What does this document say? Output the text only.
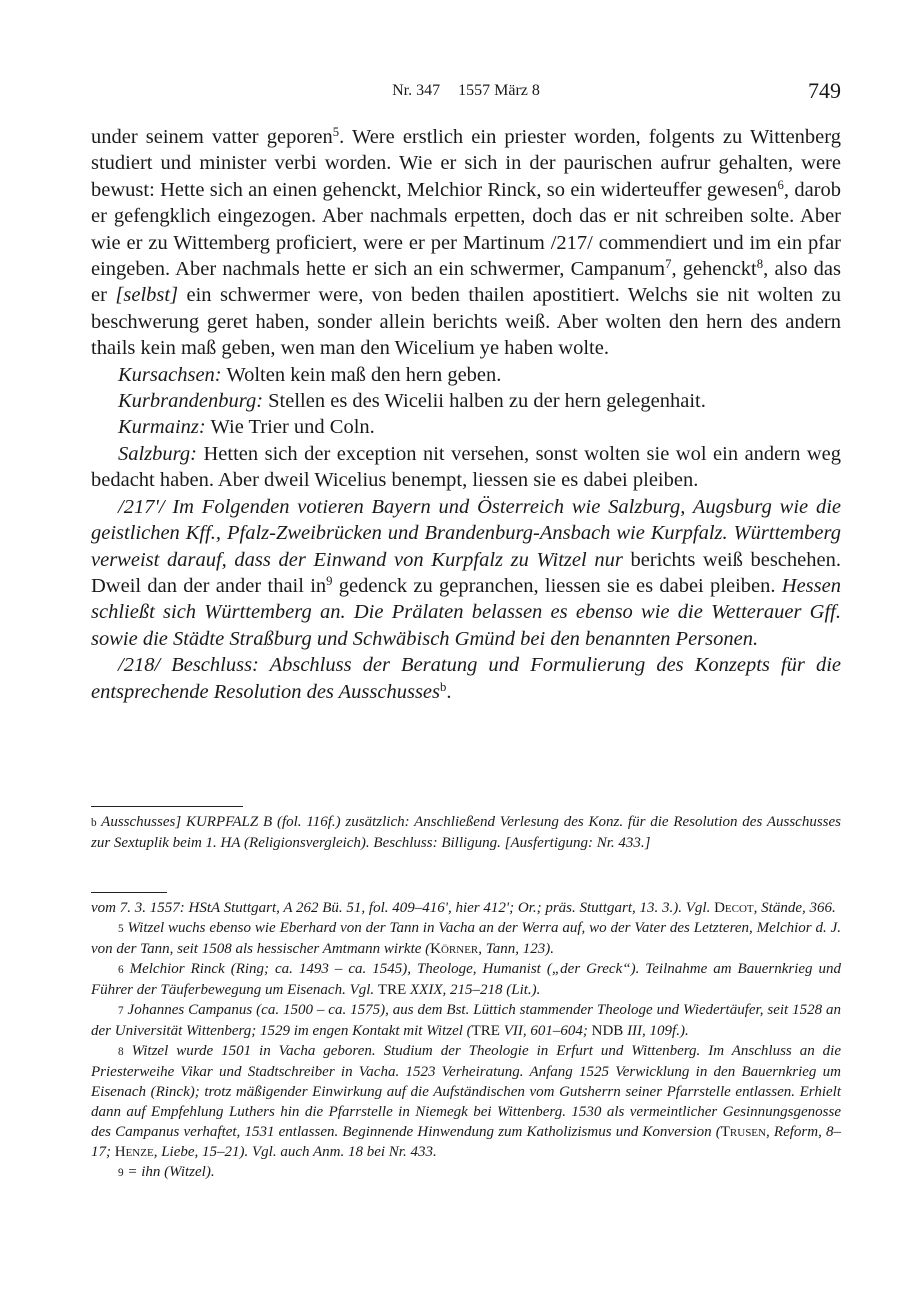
Nr. 347 1557 März 8	749

under seinem vatter geporen$^5$. Were erstlich ein priester worden, folgents zu Wittenberg studiert und minister verbi worden. Wie er sich in der paurischen aufrur gehalten, were bewust: Hette sich an einen gehenckt, Melchior Rinck, so ein widerteuffer gewesen$^6$, darob er gefengklich eingezogen. Aber nachmals erpetten, doch das er nit schreiben solte. Aber wie er zu Wittemberg proficiert, were er per Martinum /217/ commendiert und im ein pfar eingeben. Aber nachmals hette er sich an ein schwermer, Campanum$^7$, gehenckt$^8$, also das er [selbst] ein schwermer were, von beden thailen apostitiert. Welchs sie nit wolten zu beschwerung geret haben, sonder allein berichts weiß. Aber wolten den hern des andern thails kein maß geben, wen man den Wicelium ye haben wolte.

Kursachsen: Wolten kein maß den hern geben.

Kurbrandenburg: Stellen es des Wicelii halben zu der hern gelegenhait.

Kurmainz: Wie Trier und Coln.

Salzburg: Hetten sich der exception nit versehen, sonst wolten sie wol ein andern weg bedacht haben. Aber dweil Wicelius benempt, liessen sie es dabei pleiben.

/217'/ Im Folgenden votieren Bayern und Österreich wie Salzburg, Augsburg wie die geistlichen Kff., Pfalz-Zweibrücken und Brandenburg-Ansbach wie Kurpfalz. Württemberg verweist darauf, dass der Einwand von Kurpfalz zu Witzel nur berichts weiß beschehen. Dweil dan der ander thail $in^9$ gedenck zu gepranchen, liessen sie es dabei pleiben. Hessen schließt sich Württemberg an. Die Prälaten belassen es ebenso wie die Wetterauer Gff. sowie die Städte Straßburg und Schwäbisch Gmünd bei den benannten Personen.

/218/ Beschluss: Abschluss der Beratung und Formulierung des Konzepts für die entsprechende Resolution des Ausschusses$^b$.

b Ausschusses] KURPFALZ B (fol. 116f.) zusätzlich: Anschließend Verlesung des Konz. für die Resolution des Ausschusses zur Sextuplik beim 1. HA (Religionsvergleich). Beschluss: Billigung. [Ausfertigung: Nr. 433.]

vom 7. 3. 1557: HStA Stuttgart, A 262 Bü. 51, fol. 409–416', hier 412'; Or.; präs. Stuttgart, 13. 3.). Vgl. Decot, Stände, 366.

5 Witzel wuchs ebenso wie Eberhard von der Tann in Vacha an der Werra auf, wo der Vater des Letzteren, Melchior d. J. von der Tann, seit 1508 als hessischer Amtmann wirkte (Körner, Tann, 123).

6 Melchior Rinck (Ring; ca. 1493 – ca. 1545), Theologe, Humanist („der Greck“). Teilnahme am Bauernkrieg und Führer der Täuferbewegung um Eisenach. Vgl. TRE XXIX, 215–218 (Lit.).

7 Johannes Campanus (ca. 1500 – ca. 1575), aus dem Bst. Lüttich stammender Theologe und Wiedertäufer, seit 1528 an der Universität Wittenberg; 1529 im engen Kontakt mit Witzel (TRE VII, 601–604; NDB III, 109f.).

8 Witzel wurde 1501 in Vacha geboren. Studium der Theologie in Erfurt und Wittenberg. Im Anschluss an die Priesterweihe Vikar und Stadtschreiber in Vacha. 1523 Verheiratung. Anfang 1525 Verwicklung in den Bauernkrieg um Eisenach (Rinck); trotz mäßigender Einwirkung auf die Aufständischen vom Gutsherrn seiner Pfarrstelle entlassen. Erhielt dann auf Empfehlung Luthers hin die Pfarrstelle in Niemegk bei Wittenberg. 1530 als vermeintlicher Gesinnungsgenosse des Campanus verhaftet, 1531 entlassen. Beginnende Hinwendung zum Katholizismus und Konversion (Trusen, Reform, 8–17; Henze, Liebe, 15–21). Vgl. auch Anm. 18 bei Nr. 433.

9 = ihn (Witzel).
